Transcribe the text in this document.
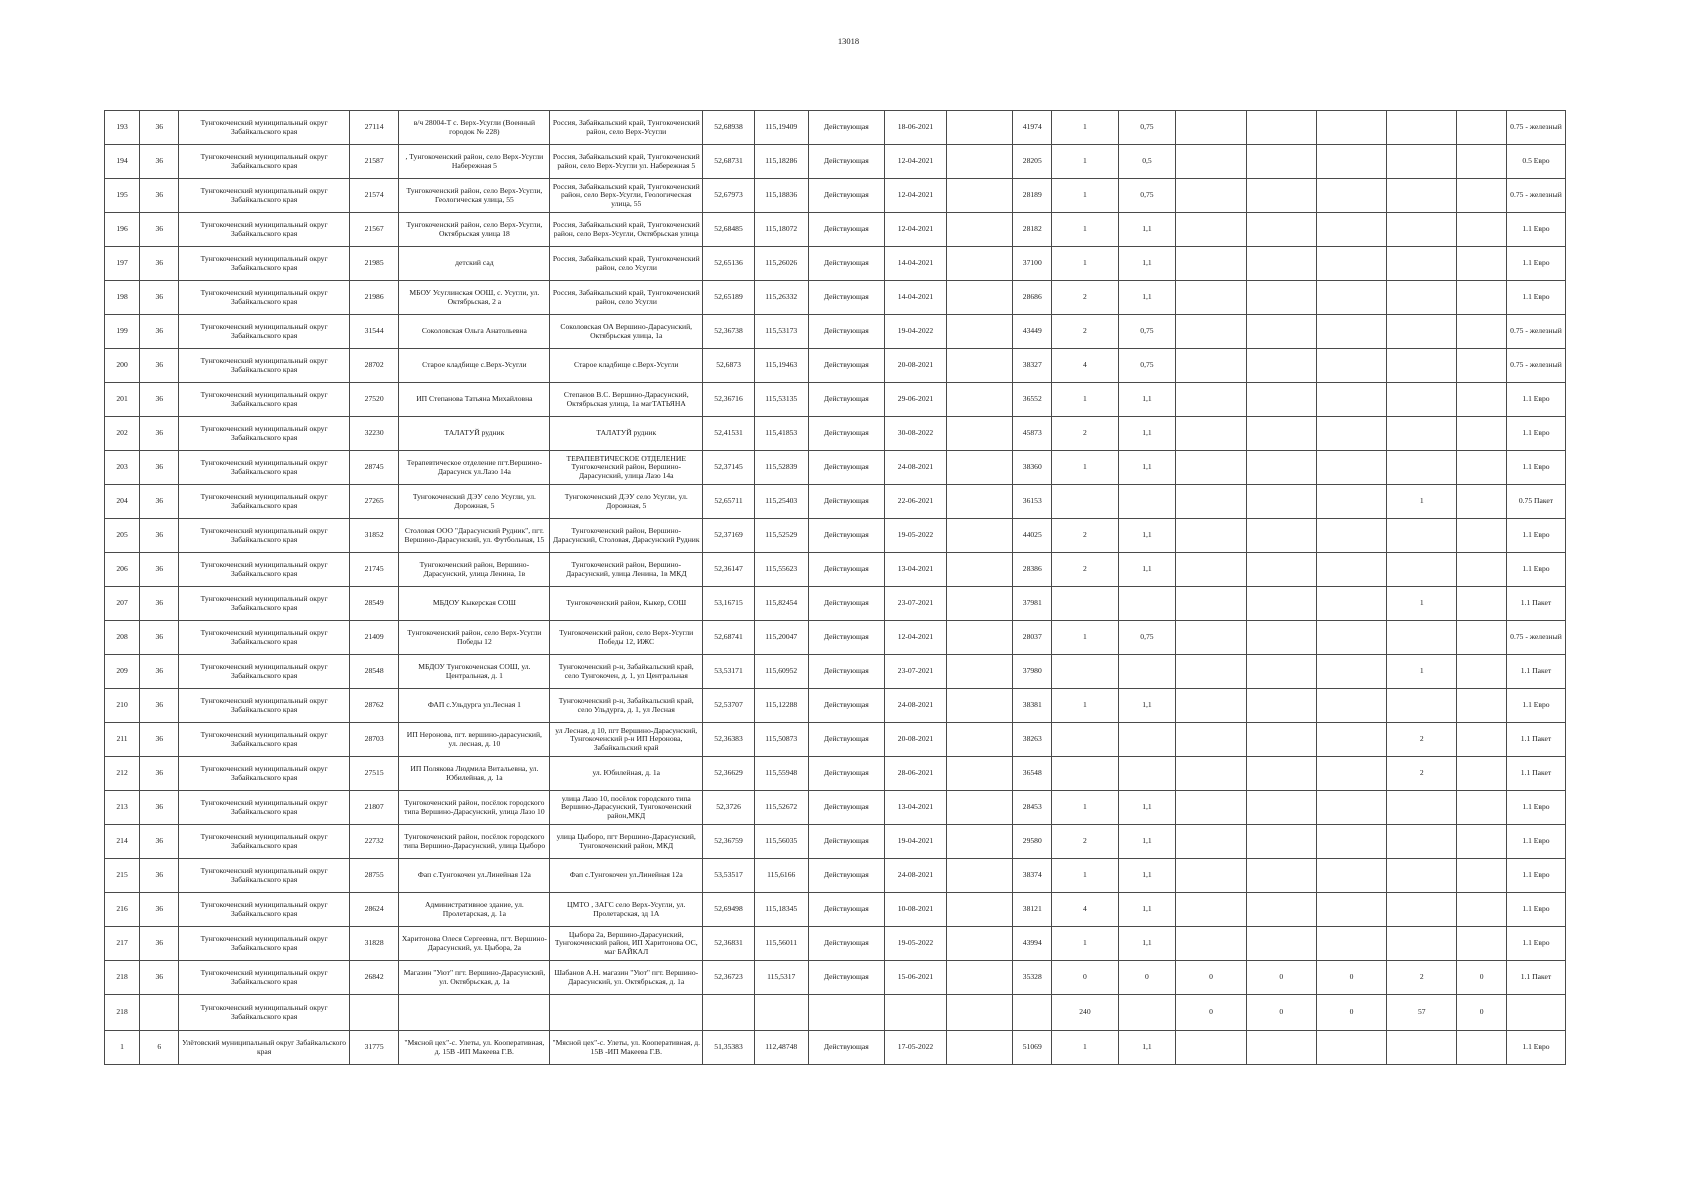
13018
193	36	Тунгокоченский муниципальный округ Забайкальского края	27114	в/ч 28004-Т с. Верх-Усугли (Военный городок № 228)	Россия, Забайкальский край, Тунгокоченский район, село Верх-Усугли	52,68938	115,19409	Действующая	18-06-2021		41974	1	0,75						0.75 - железный
194	36	Тунгокоченский муниципальный округ Забайкальского края	21587	, Тунгокоченский район, село Верх-Усугли Набережная 5	Россия, Забайкальский край, Тунгокоченский район, село Верх-Усугли ул. Набережная 5	52,68731	115,18286	Действующая	12-04-2021		28205	1	0,5						0.5 Евро
195	36	Тунгокоченский муниципальный округ Забайкальского края	21574	Тунгокоченский район, село Верх-Усугли, Геологическая улица, 55	Россия, Забайкальский край, Тунгокоченский район, село Верх-Усугли, Геологическая улица, 55	52,67973	115,18836	Действующая	12-04-2021		28189	1	0,75						0.75 - железный
196	36	Тунгокоченский муниципальный округ Забайкальского края	21567	Тунгокоченский район, село Верх-Усугли, Октябрьская улица 18	Россия, Забайкальский край, Тунгокоченский район, село Верх-Усугли, Октябрьская улица	52,68485	115,18072	Действующая	12-04-2021		28182	1	1,1						1.1 Евро
197	36	Тунгокоченский муниципальный округ Забайкальского края	21985	детский сад	Россия, Забайкальский край, Тунгокоченский район, село Усугли	52,65136	115,26026	Действующая	14-04-2021		37100	1	1,1						1.1 Евро
198	36	Тунгокоченский муниципальный округ Забайкальского края	21986	МБОУ Усуглинская ООШ, с. Усугли, ул. Октябрьская, 2 а	Россия, Забайкальский край, Тунгокоченский район, село Усугли	52,65189	115,26332	Действующая	14-04-2021		28686	2	1,1						1.1 Евро
199	36	Тунгокоченский муниципальный округ Забайкальского края	31544	Соколовская Ольга Анатольевна	Соколовская ОА Вершино-Дарасунский, Октябрьская улица, 1а	52,36738	115,53173	Действующая	19-04-2022		43449	2	0,75						0.75 - железный
200	36	Тунгокоченский муниципальный округ Забайкальского края	28702	Старое кладбище с.Верх-Усугли	Старое кладбище с.Верх-Усугли	52,6873	115,19463	Действующая	20-08-2021		38327	4	0,75						0.75 - железный
201	36	Тунгокоченский муниципальный округ Забайкальского края	27520	ИП Степанова Татьяна Михайловна	Степанов В.С. Вершино-Дарасунский, Октябрьская улица, 1а магТАТЬЯНА	52,36716	115,53135	Действующая	29-06-2021		36552	1	1,1						1.1 Евро
202	36	Тунгокоченский муниципальный округ Забайкальского края	32230	ТАЛАТУЙ рудник	ТАЛАТУЙ рудник	52,41531	115,41853	Действующая	30-08-2022		45873	2	1,1						1.1 Евро
203	36	Тунгокоченский муниципальный округ Забайкальского края	28745	Терапевтическое отделение пгт.Вершино-Дарасунск ул.Лазо 14а	ТЕРАПЕВТИЧЕСКОЕ ОТДЕЛЕНИЕ Тунгокоченский район, Вершино-Дарасунский, улица Лазо 14а	52,37145	115,52839	Действующая	24-08-2021		38360	1	1,1						1.1 Евро
204	36	Тунгокоченский муниципальный округ Забайкальского края	27265	Тунгокоченский ДЭУ село Усугли, ул. Дорожная, 5	Тунгокоченский ДЭУ село Усугли, ул. Дорожная, 5	52,65711	115,25403	Действующая	22-06-2021		36153						1		0.75 Пакет
205	36	Тунгокоченский муниципальный округ Забайкальского края	31852	Столовая ООО "Дарасунский Рудник", пгт. Вершино-Дарасунский, ул. Футбольная, 15	Тунгокоченский район, Вершино-Дарасунский, Столовая, Дарасунский Рудник	52,37169	115,52529	Действующая	19-05-2022		44025	2	1,1						1.1 Евро
206	36	Тунгокоченский муниципальный округ Забайкальского края	21745	Тунгокоченский район, Вершино-Дарасунский, улица Ленина, 1в	Тунгокоченский район, Вершино-Дарасунский, улица Ленина, 1в МКД	52,36147	115,55623	Действующая	13-04-2021		28386	2	1,1						1.1 Евро
207	36	Тунгокоченский муниципальный округ Забайкальского края	28549	МБДОУ Кыкерская СОШ	Тунгокоченский район, Кыкер, СОШ	53,16715	115,82454	Действующая	23-07-2021		37981						1		1.1 Пакет
208	36	Тунгокоченский муниципальный округ Забайкальского края	21409	Тунгокоченский район, село Верх-Усугли Победы 12	Тунгокоченский район, село Верх-Усугли Победы 12, ИЖС	52,68741	115,20047	Действующая	12-04-2021		28037	1	0,75						0.75 - железный
209	36	Тунгокоченский муниципальный округ Забайкальского края	28548	МБДОУ Тунгокоченская СОШ, ул. Центральная, д. 1	Тунгокоченский р-н, Забайкальский край, село Тунгокочен, д. 1, ул Центральная	53,53171	115,60952	Действующая	23-07-2021		37980						1		1.1 Пакет
210	36	Тунгокоченский муниципальный округ Забайкальского края	28762	ФАП с.Ульдурга ул.Лесная 1	Тунгокоченский р-н, Забайкальский край, село Ульдурга, д. 1, ул Лесная	52,53707	115,12288	Действующая	24-08-2021		38381	1	1,1						1.1 Евро
211	36	Тунгокоченский муниципальный округ Забайкальского края	28703	ИП Неронова, пгт. вершино-дарасунский, ул. лесная, д. 10	ул Лесная, д 10, пгт Вершино-Дарасунский, Тунгокоченский р-н ИП Неронова, Забайкальский край	52,36383	115,50873	Действующая	20-08-2021		38263						2		1.1 Пакет
212	36	Тунгокоченский муниципальный округ Забайкальского края	27515	ИП Полякова Людмила Витальевна, ул. Юбилейная, д. 1а	ул. Юбилейная, д. 1а	52,36629	115,55948	Действующая	28-06-2021		36548						2		1.1 Пакет
213	36	Тунгокоченский муниципальный округ Забайкальского края	21807	Тунгокоченский район, посёлок городского типа Вершино-Дарасунский, улица Лазо 10	улица Лазо 10, посёлок городского типа Вершино-Дарасунский, Тунгокоченский район,МКД	52,3726	115,52672	Действующая	13-04-2021		28453	1	1,1						1.1 Евро
214	36	Тунгокоченский муниципальный округ Забайкальского края	22732	Тунгокоченский район, посёлок городского типа Вершино-Дарасунский, улица Цыборо	улица Цыборо, пгт Вершино-Дарасунский, Тунгокоченский район, МКД	52,36759	115,56035	Действующая	19-04-2021		29580	2	1,1						1.1 Евро
215	36	Тунгокоченский муниципальный округ Забайкальского края	28755	Фап с.Тунгокочен ул.Линейная 12а	Фап с.Тунгокочен ул.Линейная 12а	53,53517	115,6166	Действующая	24-08-2021		38374	1	1,1						1.1 Евро
216	36	Тунгокоченский муниципальный округ Забайкальского края	28624	Административное здание, ул. Пролетарская, д. 1а	ЦМТО , ЗАГС село Верх-Усугли, ул. Пролетарская, зд 1А	52,69498	115,18345	Действующая	10-08-2021		38121	4	1,1						1.1 Евро
217	36	Тунгокоченский муниципальный округ Забайкальского края	31828	Харитонова Олеся Сергеевна, пгт. Вершино-Дарасунский, ул. Цыбора, 2а	Цыбора 2а, Вершино-Дарасунский, Тунгокоченский район, ИП Харитонова ОС, маг БАЙКАЛ	52,36831	115,56011	Действующая	19-05-2022		43994	1	1,1						1.1 Евро
218	36	Тунгокоченский муниципальный округ Забайкальского края	26842	Магазин "Уют" пгт. Вершино-Дарасунский, ул. Октябрьская, д. 1а	Шабанов А.Н. магазин "Уют" пгт. Вершино-Дарасунский, ул. Октябрьская, д. 1а	52,36723	115,5317	Действующая	15-06-2021		35328	0	0	0	0	0	2	0	1.1 Пакет
218		Тунгокоченский муниципальный округ Забайкальского края										240		0	0	0	57	0	
1	6	Улётовский муниципальный округ Забайкальского края	31775	"Мясной цех"-с. Улеты, ул. Кооперативная, д. 15В -ИП Макеева Г.В.	"Мясной цех"-с. Улеты, ул. Кооперативная, д. 15В -ИП Макеева Г.В.	51,35383	112,48748	Действующая	17-05-2022		51069	1	1,1						1.1 Евро
